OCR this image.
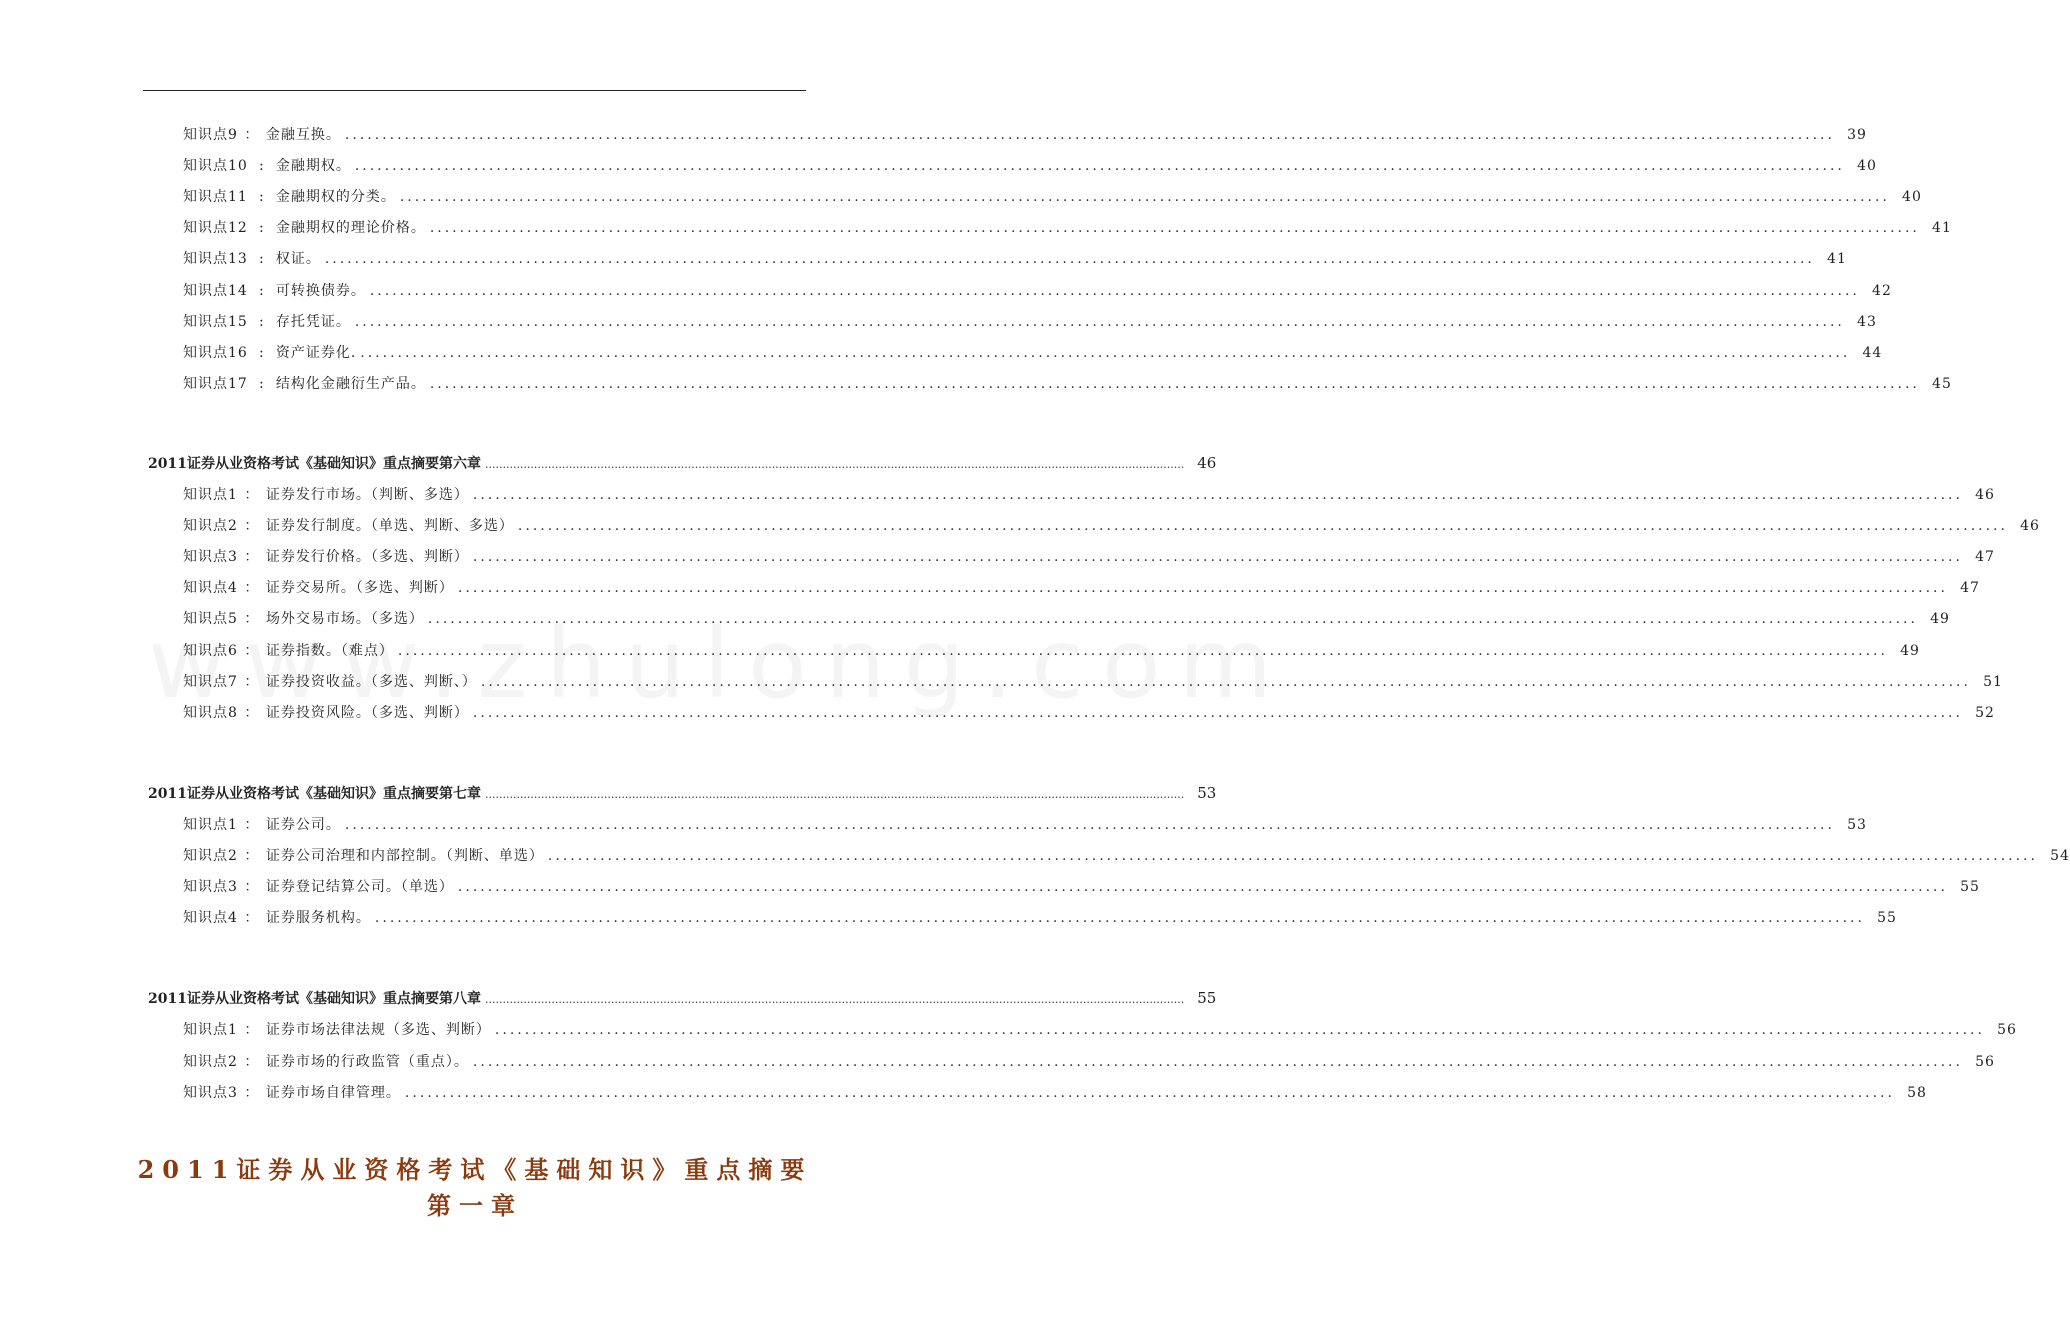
知识点9 ： 金融互换。 ........................................................................................................................................................................................................ 39
知识点10 : 金融期权。 ........................................................................................................................................................................................................ 40
知识点11 : 金融期权的分类。 ........................................................................................................................................................................................................ 40
知识点12 : 金融期权的理论价格。 ........................................................................................................................................................................................................ 41
知识点13 : 权证。 ........................................................................................................................................................................................................ 41
知识点14 : 可转换债券。 ........................................................................................................................................................................................................ 42
知识点15 : 存托凭证。 ........................................................................................................................................................................................................ 43
知识点16 : 资产证券化. ........................................................................................................................................................................................................ 44
知识点17 : 结构化金融衍生产品。 ........................................................................................................................................................................................................ 45
2011证券从业资格考试《基础知识》重点摘要第六章 ........................................................................................................................................................................................................ 46
知识点1 ： 证券发行市场。（判断、多选） ........................................................................................................................................................................................................ 46
知识点2 ： 证券发行制度。（单选、判断、多选） ........................................................................................................................................................................................................ 46
知识点3 ： 证券发行价格。（多选、判断） ........................................................................................................................................................................................................ 47
知识点4 ： 证券交易所。（多选、判断） ........................................................................................................................................................................................................ 47
知识点5 ： 场外交易市场。（多选） ........................................................................................................................................................................................................ 49
知识点6 ： 证券指数。（难点） ........................................................................................................................................................................................................ 49
知识点7 ： 证券投资收益。（多选、判断、） ........................................................................................................................................................................................................ 51
知识点8 ： 证券投资风险。（多选、判断） ........................................................................................................................................................................................................ 52
2011证券从业资格考试《基础知识》重点摘要第七章 ........................................................................................................................................................................................................ 53
知识点1 ： 证券公司。 ........................................................................................................................................................................................................ 53
知识点2 ： 证券公司治理和内部控制。（判断、单选） ........................................................................................................................................................................................................ 54
知识点3 ： 证券登记结算公司。（单选） ........................................................................................................................................................................................................ 55
知识点4 ： 证券服务机构。 ........................................................................................................................................................................................................ 55
2011证券从业资格考试《基础知识》重点摘要第八章 ........................................................................................................................................................................................................ 55
知识点1 ： 证券市场法律法规（多选、判断） ........................................................................................................................................................................................................ 56
知识点2 ： 证券市场的行政监管（重点）。 ........................................................................................................................................................................................................ 56
知识点3 ： 证券市场自律管理。 ........................................................................................................................................................................................................ 58
2011证券从业资格考试《基础知识》重点摘要
第一章
